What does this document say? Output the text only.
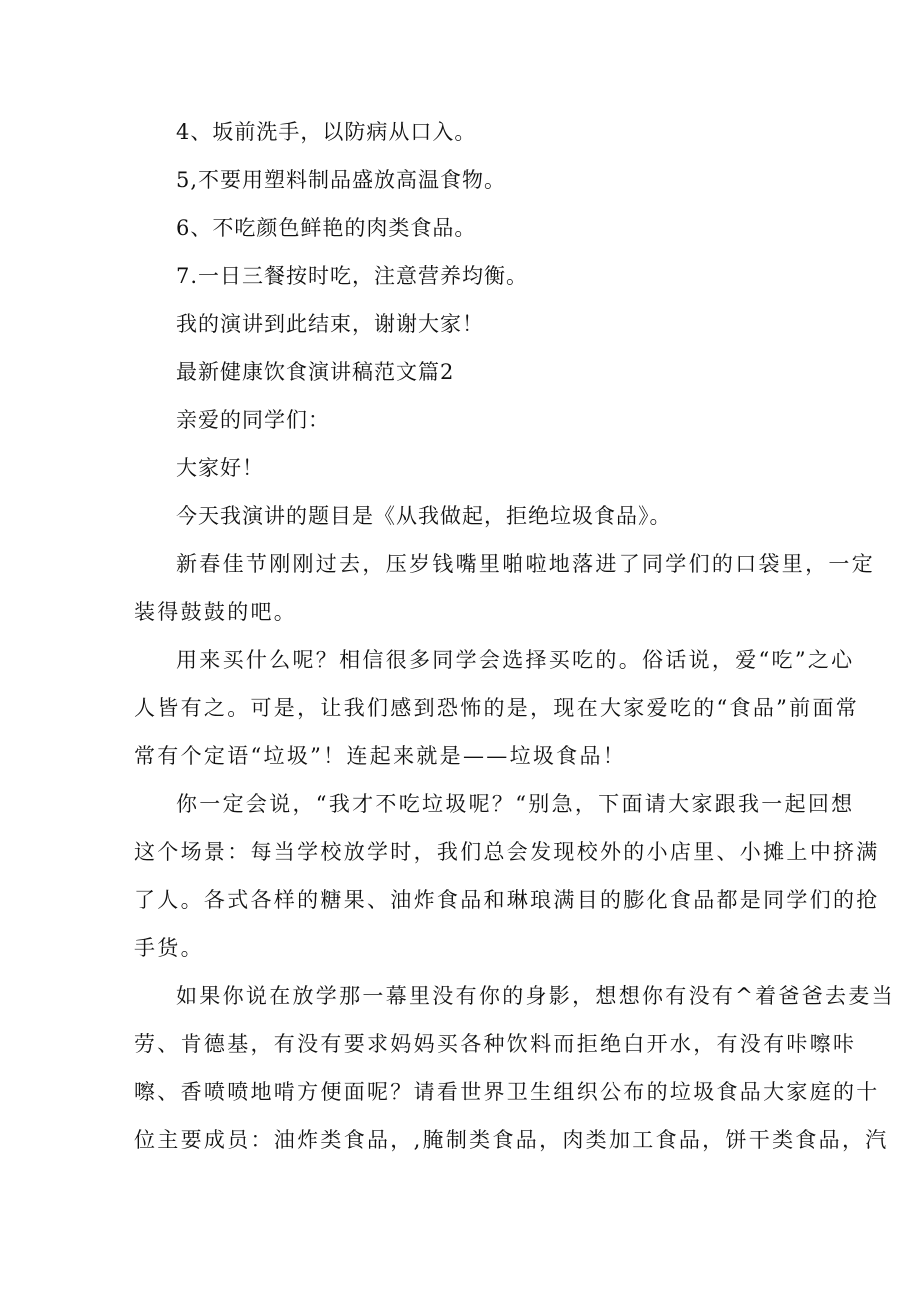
4、坂前洗手，以防病从口入。
5,不要用塑料制品盛放高温食物。
6、不吃颜色鲜艳的肉类食品。
7.一日三餐按时吃，注意营养均衡。
我的演讲到此结束，谢谢大家！
最新健康饮食演讲稿范文篇2
亲爱的同学们：
大家好！
今天我演讲的题目是《从我做起，拒绝垃圾食品》。
新春佳节刚刚过去，压岁钱嘴里啪啦地落进了同学们的口袋里，一定
装得鼓鼓的吧。
用来买什么呢？相信很多同学会选择买吃的。俗话说，爱“吃”之心
人皆有之。可是，让我们感到恐怖的是，现在大家爱吃的“食品”前面常
常有个定语“垃圾”！连起来就是——垃圾食品！
你一定会说，“我才不吃垃圾呢？“别急，下面请大家跟我一起回想
这个场景：每当学校放学时，我们总会发现校外的小店里、小摊上中挤满
了人。各式各样的糖果、油炸食品和琳琅满目的膨化食品都是同学们的抢
手货。
如果你说在放学那一幕里没有你的身影，想想你有没有^着爸爸去麦当
劳、肯德基，有没有要求妈妈买各种饮料而拒绝白开水，有没有咔嚓咔
嚓、香喷喷地啃方便面呢？请看世界卫生组织公布的垃圾食品大家庭的十
位主要成员：油炸类食品，,腌制类食品，肉类加工食品，饼干类食品，汽
